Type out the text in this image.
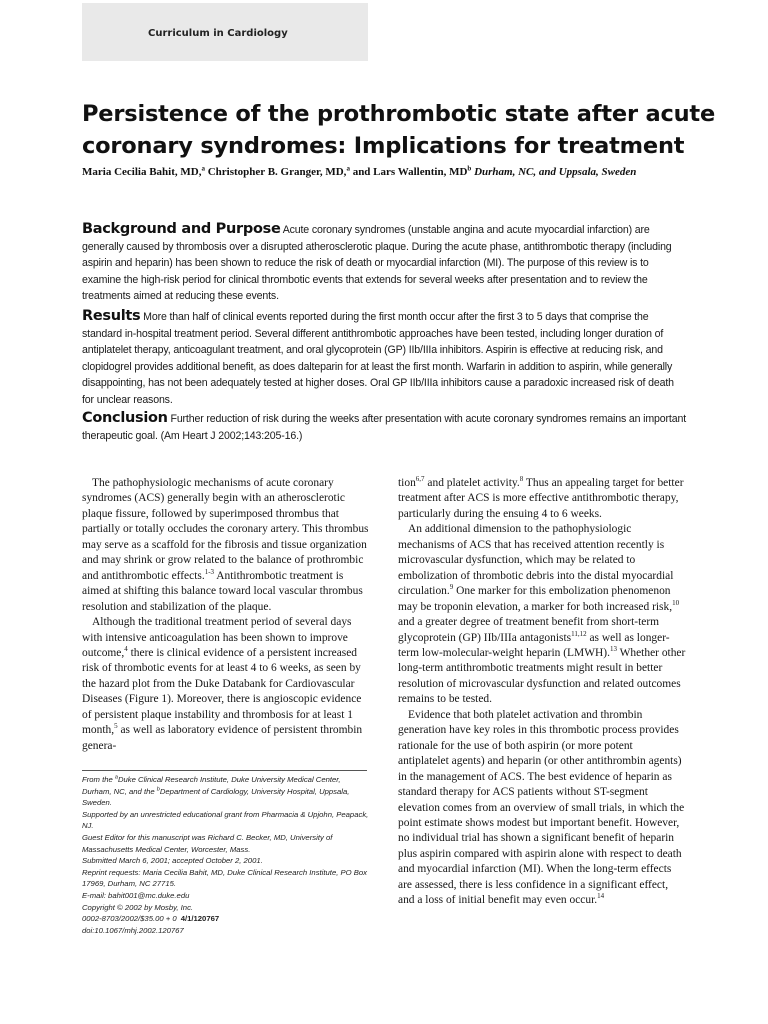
Curriculum in Cardiology
Persistence of the prothrombotic state after acute coronary syndromes: Implications for treatment
Maria Cecilia Bahit, MD,$^a$ Christopher B. Granger, MD,$^a$ and Lars Wallentin, $MD^b$ Durham, NC, and Uppsala, Sweden

Background and Purpose Acute coronary syndromes (unstable angina and acute myocardial infarction) are generally caused by thrombosis over a disrupted atherosclerotic plaque. During the acute phase, antithrombotic therapy (including aspirin and heparin) has been shown to reduce the risk of death or myocardial infarction (MI). The purpose of this review is to examine the high-risk period for clinical thrombotic events that extends for several weeks after presentation and to review the treatments aimed at reducing these events.

Results More than half of clinical events reported during the first month occur after the first 3 to 5 days that comprise the standard in-hospital treatment period. Several different antithrombotic approaches have been tested, including longer duration of antiplatelet therapy, anticoagulant treatment, and oral glycoprotein (GP) IIb/IIIa inhibitors. Aspirin is effective at reducing risk, and clopidogrel provides additional benefit, as does dalteparin for at least the first month. Warfarin in addition to aspirin, while generally disappointing, has not been adequately tested at higher doses. Oral GP IIb/IIIa inhibitors cause a paradoxic increased risk of death for unclear reasons.

Conclusion Further reduction of risk during the weeks after presentation with acute coronary syndromes remains an important therapeutic goal. (Am Heart J 2002;143:205-16.)

The pathophysiologic mechanisms of acute coronary syndromes (ACS) generally begin with an atherosclerotic plaque fissure, followed by superimposed thrombus that partially or totally occludes the coronary artery. This thrombus may serve as a scaffold for the fibrosis and tissue organization and may shrink or grow related to the balance of prothrombic and antithrombotic effects.$^{1-3}$ Antithrombotic treatment is aimed at shifting this balance toward local vascular thrombus resolution and stabilization of the plaque.

Although the traditional treatment period of several days with intensive anticoagulation has been shown to improve outcome,$^4$ there is clinical evidence of a persistent increased risk of thrombotic events for at least 4 to 6 weeks, as seen by the hazard plot from the Duke Databank for Cardiovascular Diseases (Figure 1). Moreover, there is angioscopic evidence of persistent plaque instability and thrombosis for at least 1 month,$^5$ as well as laboratory evidence of persistent thrombin genera-

From the $^a$Duke Clinical Research Institute, Duke University Medical Center, Durham, NC, and the $^b$Department of Cardiology, University Hospital, Uppsala, Sweden.
Supported by an unrestricted educational grant from Pharmacia & Upjohn, Peapack, NJ.
Guest Editor for this manuscript was Richard C. Becker, MD, University of Massachusetts Medical Center, Worcester, Mass.
Submitted March 6, 2001; accepted October 2, 2001.
Reprint requests: Maria Cecilia Bahit, MD, Duke Clinical Research Institute, PO Box 17969, Durham, NC 27715.
E-mail: bahit001@mc.duke.edu
Copyright © 2002 by Mosby, Inc.
0002-8703/2002/$35.00 + 0 4/1/120767
doi:10.1067/mhj.2002.120767

tion$^{6,7}$ and platelet activity.$^8$ Thus an appealing target for better treatment after ACS is more effective antithrombotic therapy, particularly during the ensuing 4 to 6 weeks.

An additional dimension to the pathophysiologic mechanisms of ACS that has received attention recently is microvascular dysfunction, which may be related to embolization of thrombotic debris into the distal myocardial circulation.$^9$ One marker for this embolization phenomenon may be troponin elevation, a marker for both increased risk,$^{10}$ and a greater degree of treatment benefit from short-term glycoprotein (GP) IIb/IIIa antagonists$^{11,12}$ as well as longer-term low-molecular-weight heparin (LMWH).$^{13}$ Whether other long-term antithrombotic treatments might result in better resolution of microvascular dysfunction and related outcomes remains to be tested.

Evidence that both platelet activation and thrombin generation have key roles in this thrombotic process provides rationale for the use of both aspirin (or more potent antiplatelet agents) and heparin (or other antithrombin agents) in the management of ACS. The best evidence of heparin as standard therapy for ACS patients without ST-segment elevation comes from an overview of small trials, in which the point estimate shows modest but important benefit. However, no individual trial has shown a significant benefit of heparin plus aspirin compared with aspirin alone with respect to death and myocardial infarction (MI). When the long-term effects are assessed, there is less confidence in a significant effect, and a loss of initial benefit may even occur.$^{14}$
